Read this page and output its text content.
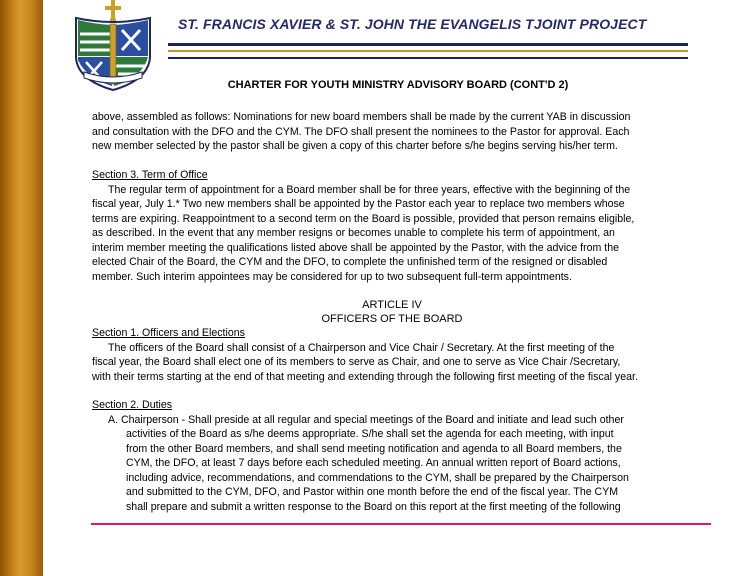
ST. FRANCIS XAVIER & ST. JOHN THE EVANGELIS TJOINT PROJECT
CHARTER FOR YOUTH MINISTRY ADVISORY BOARD (CONT'D 2)
above, assembled as follows: Nominations for new board members shall be made by the current YAB in discussion
and consultation with the DFO and the CYM. The DFO shall present the nominees to the Pastor for approval. Each
new member selected by the pastor shall be given a copy of this charter before s/he begins serving his/her term.
Section 3. Term of Office
The regular term of appointment for a Board member shall be for three years, effective with the beginning of the
fiscal year, July 1.* Two new members shall be appointed by the Pastor each year to replace two members whose
terms are expiring. Reappointment to a second term on the Board is possible, provided that person remains eligible,
as described. In the event that any member resigns or becomes unable to complete his term of appointment, an
interim member meeting the qualifications listed above shall be appointed by the Pastor, with the advice from the
elected Chair of the Board, the CYM and the DFO, to complete the unfinished term of the resigned or disabled
member. Such interim appointees may be considered for up to two subsequent full-term appointments.
ARTICLE IV
OFFICERS OF THE BOARD
Section 1. Officers and Elections
The officers of the Board shall consist of a Chairperson and Vice Chair / Secretary. At the first meeting of the
fiscal year, the Board shall elect one of its members to serve as Chair, and one to serve as Vice Chair /Secretary,
with their terms starting at the end of that meeting and extending through the following first meeting of the fiscal year.
Section 2. Duties
A. Chairperson - Shall preside at all regular and special meetings of the Board and initiate and lead such other
activities of the Board as s/he deems appropriate. S/he shall set the agenda for each meeting, with input
from the other Board members, and shall send meeting notification and agenda to all Board members, the
CYM, the DFO, at least 7 days before each scheduled meeting. An annual written report of Board actions,
including advice, recommendations, and commendations to the CYM, shall be prepared by the Chairperson
and submitted to the CYM, DFO, and Pastor within one month before the end of the fiscal year. The CYM
shall prepare and submit a written response to the Board on this report at the first meeting of the following
